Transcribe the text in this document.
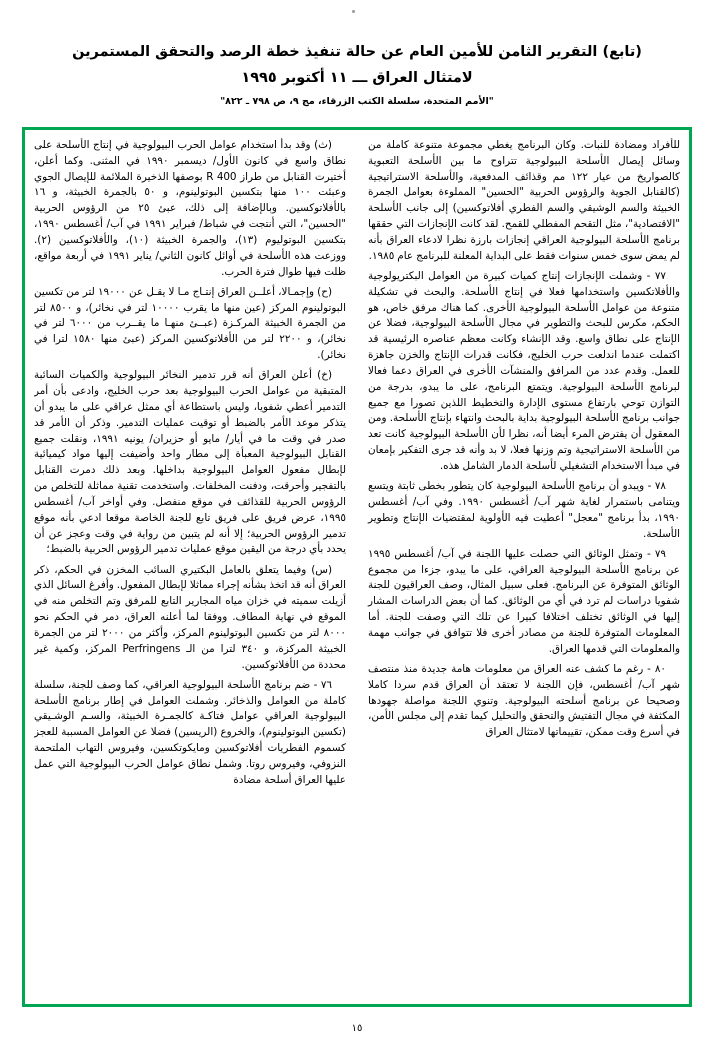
(تابع) التقرير الثامن للأمين العام عن حالة تنفيذ خطة الرصد والتحقق المستمرين
لامتثال العراق ـــ ١١ أكتوبر ١٩٩٥
"الأمم المتحدة، سلسلة الكتب الزرقاء، مج ٩، ص ٧٩٨ ـ ٨٢٢"

(ث) وقد بدأ استخدام عوامل الحرب البيولوجية في إنتاج الأسلحة على نطاق واسع في كانون الأول/ ديسمبر ١٩٩٠ في المثنى. وكما أعلن، أختيرت القنابل من طراز R 400 بوصفها الذخيرة الملائمة للإيصال الجوي وعبئت ١٠٠ منها بتكسين البوتولينوم، و ٥٠ بالجمرة الخبيثة، و ١٦ بالأفلاتوكسين. وبالإضافة إلى ذلك، عبئ ٢٥ من الرؤوس الحربية "الحسين"، التي أنتجت في شباط/ فبراير ١٩٩١ في آب/ أغسطس ١٩٩٠، بتكسين البوتوليوم (١٣)، والجمرة الخبيثة (١٠)، والأفلاتوكسين (٢). ووزعت هذه الأسلحة في أوائل كانون الثاني/ يناير ١٩٩١ في أربعة مواقع، ظلت فيها طوال فترة الحرب.

(ح) وإجمـالا، أعلــن العراق إنتـاج مـا لا يقـل عن ١٩٠٠٠ لتر من تكسين البوتولينوم المركز (عين منها ما يقرب ١٠٠٠٠ لتر في نخائر)، و ٨٥٠٠ لتر من الجمرة الخبيثة المركـزة (عبــئ منهـا ما يقــرب من ٦٠٠٠ لتر في نخائر)، و ٢٢٠٠ لتر من الأفلاتوكسين المركز (عبئ منها ١٥٨٠ لترا في نخائر).

(خ) أعلن العراق أنه قرر تدمير النخائر البيولوجية والكميات السائبة المتبقية من عوامل الحرب البيولوجية بعد حرب الخليج، وادعى بأن أمر التدمير أعطي شفويا، وليس باستطاعة أي ممثل عراقي على ما يبدو أن يتذكر موعد الأمر بالضبط أو توقيت عمليات التدمير. وذكر أن الأمر قد صدر في وقت ما في أيار/ مايو أو حزيران/ يونيه ١٩٩١، ونقلت جميع القنابل البيولوجية المعبأة إلى مطار واحد وأضيفت إليها مواد كيميائية لإبطال مفعول العوامل البيولوجية بداخلها. وبعد ذلك دمرت القنابل بالتفجير وأحرقت، ودفنت المخلفات. واستخدمت تقنية مماثلة للتخلص من الرؤوس الحربية للقذائف في موقع منفصل. وفي أواخر آب/ أغسطس ١٩٩٥، عرض فريق على فريق تابع للجنة الخاصة موقعا ادعي بأنه موقع تدمير الرؤوس الحربية؛ إلا أنه لم يتبين من رواية في وقت وعجز عن أن يحدد بأي درجة من اليقين موقع عمليات تدمير الرؤوس الحربية بالضبط؛

(س) وفيما يتعلق بالعامل البكتيري السائب المخزن في الحكم، ذكر العراق أنه قد اتخذ بشأنه إجراء مماثلا لإبطال المفعول. وأفرغ السائل الذي أزيلت سميته في خزان مياه المجارير التابع للمرفق وتم التخلص منه في الموقع في نهاية المطاف. ووفقا لما أعلنه العراق، دمر في الحكم نحو ٨٠٠٠ لتر من تكسين البوتولينوم المركز، وأكثر من ٢٠٠٠ لتر من الجمرة الخبيثة المركزة، و ٣٤٠ لترا من الـ Perfringens المركز، وكمية غير محددة من الأفلاتوكسين.

٧٦ - ضم برنامج الأسلحة البيولوجية العراقي، كما وصف للجنة، سلسلة كاملة من العوامل والذخائر. وشملت العوامل في إطار برنامج الأسلحة البيولوجية العراقي عوامل فتاكـة كالجمـرة الخبيثة، والسـم الوشـيقي (تكسين البوتولينوم)، والخروع (الريسين) فضلا عن العوامل المسببة للعجز كسموم الفطريات أفلاتوكسين ومايكوتكسين، وفيروس التهاب الملتحمة النزوفي، وفيروس روتا. وشمل نطاق عوامل الحرب البيولوجية التي عمل عليها العراق أسلحة مضادة

للأفراد ومضادة للنبات. وكان البرنامج يغطي مجموعة متنوعة كاملة من وسائل إيصال الأسلحة البيولوجية تتراوح ما بين الأسلحة التعبوية كالصواريخ من عيار ١٢٢ مم وقذائف المدفعية، والأسلحة الاستراتيجية (كالقنابل الجوية والرؤوس الحربية "الحسين" المملوءة بعوامل الجمرة الخبيثة والسم الوشيقي والسم الفطري أفلاتوكسين) إلى جانب الأسلحة "الاقتصادية"، مثل التقحم المفطلي للقمح. لقد كانت الإنجازات التي حققها برنامج الأسلحة البيولوجية العراقي إنجازات بارزة نظرا لادعاء العراق بأنه لم يمض سوى خمس سنوات فقط على البداية المعلنة للبرنامج عام ١٩٨٥.

٧٧ - وشملت الإنجازات إنتاج كميات كبيرة من العوامل البكتريولوجية والأفلاتكسين واستخدامها فعلا في إنتاج الأسلحة. والبحث في تشكيلة متنوعة من عوامل الأسلحة البيولوجية الأخرى. كما هناك مرفق خاص، هو الحكم، مكرس للبحث والتطوير في مجال الأسلحة البيولوجية، فضلا عن الإنتاج على نطاق واسع. وقد الإنشاء وكانت معظم عناصره الرئيسية قد اكتملت عندما اندلعت حرب الخليج، فكانت قدرات الإنتاج والخزن جاهزة للعمل. وقدم عدد من المرافق والمنشآت الأخرى في العراق دعما فعالا لبرنامج الأسلحة البيولوجية. ويتمتع البرنامج، على ما يبدو، بدرجة من التوازن توحي بارتفاع مستوى الإدارة والتخطيط اللذين تصورا مع جميع جوانب برنامج الأسلحة البيولوجية بداية بالبحث وانتهاء بإنتاج الأسلحة. ومن المعقول أن يفترض المرء أيضا أنه، نظرا لأن الأسلحة البيولوجية كانت تعد من الأسلحة الاستراتيجية وتم وزنها فعلا، لا بد وأنه قد جرى التفكير بإمعان في مبدأ الاستخدام التشغيلي لأسلحة الدمار الشامل هذه.

٧٨ - ويبدو أن برنامج الأسلحة البيولوجية كان يتطور بخطى ثابتة ويتسع ويتنامى باستمرار لغاية شهر آب/ أغسطس ١٩٩٠. وفي آب/ أغسطس ١٩٩٠، بدأ برنامج "معجل" أعطيت فيه الأولوية لمقتضيات الإنتاج وتطوير الأسلحة.

٧٩ - وتمثل الوثائق التي حصلت عليها اللجنة في آب/ أغسطس ١٩٩٥ عن برنامج الأسلحة البيولوجية العراقي، على ما يبدو، جزءا من مجموع الوثائق المتوفرة عن البرنامج. فعلى سبيل المثال، وصف العراقيون للجنة شفويا دراسات لم ترد في أي من الوثائق. كما أن بعض الدراسات المشار إليها في الوثائق تختلف اختلافا كبيرا عن تلك التي وصفت للجنة. أما المعلومات المتوفرة للجنة من مصادر أخرى فلا تتوافق في جوانب مهمة والمعلومات التي قدمها العراق.

٨٠ - رغم ما كشف عنه العراق من معلومات هامة جديدة منذ منتصف شهر آب/ أغسطس، فإن اللجنة لا تعتقد أن العراق قدم سردا كاملا وصحيحا عن برنامج أسلحته البيولوجية. وتنوي اللجنة مواصلة جهودها المكثفة في مجال التفتيش والتحقق والتحليل كيما تقدم إلى مجلس الأمن، في أسرع وقت ممكن، تقييماتها لامتثال العراق

١٥
